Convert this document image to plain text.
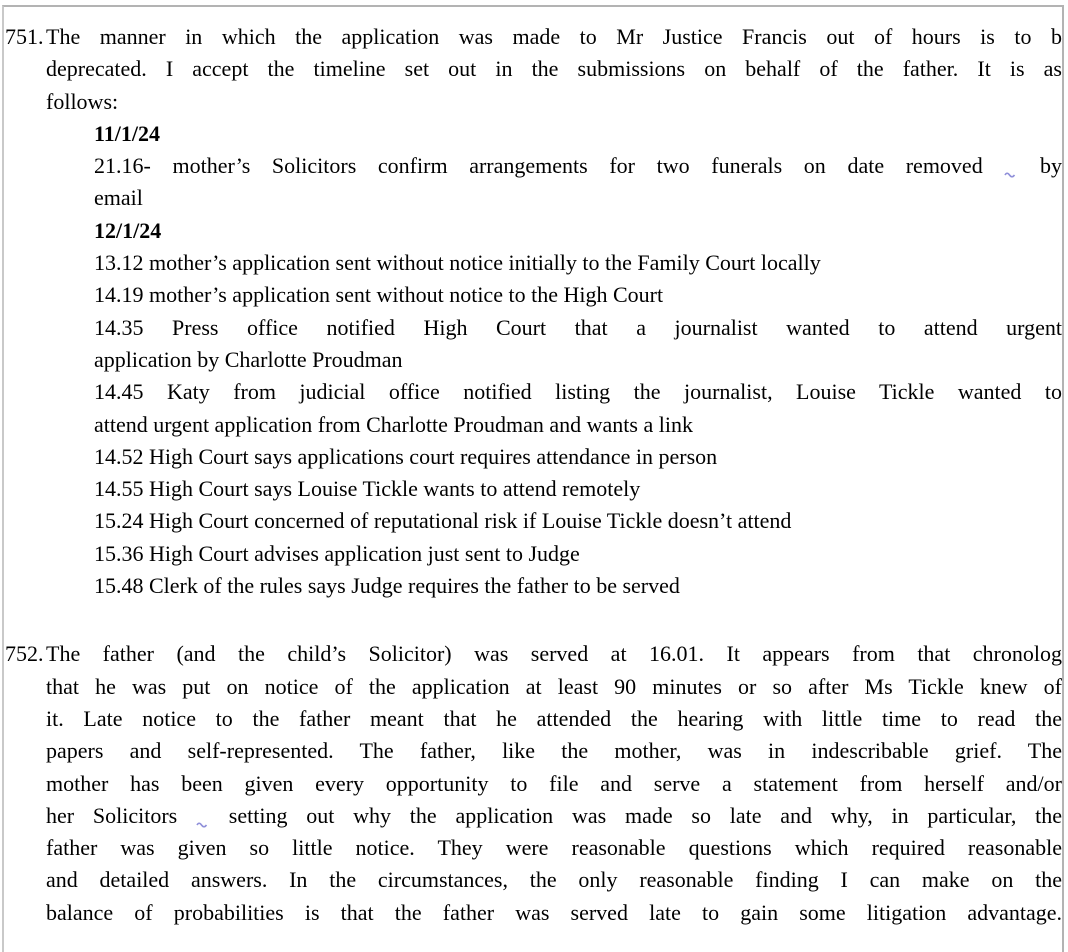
751. The manner in which the application was made to Mr Justice Francis out of hours is to b
deprecated. I accept the timeline set out in the submissions on behalf of the father. It is as
follows:
11/1/24
21.16- mother’s Solicitors confirm arrangements for two funerals on date removed	by
email
12/1/24
13.12 mother’s application sent without notice initially to the Family Court locally
14.19 mother’s application sent without notice to the High Court
14.35 Press office notified High Court that a journalist wanted to attend urgent
application by Charlotte Proudman
14.45 Katy from judicial office notified listing the journalist, Louise Tickle wanted to
attend urgent application from Charlotte Proudman and wants a link
14.52 High Court says applications court requires attendance in person
14.55 High Court says Louise Tickle wants to attend remotely
15.24 High Court concerned of reputational risk if Louise Tickle doesn’t attend
15.36 High Court advises application just sent to Judge
15.48 Clerk of the rules says Judge requires the father to be served
752. The father (and the child’s Solicitor) was served at 16.01. It appears from that chronolog
that he was put on notice of the application at least 90 minutes or so after Ms Tickle knew of
it. Late notice to the father meant that he attended the hearing with little time to read the
papers and self-represented. The father, like the mother, was in indescribable grief. The
mother has been given every opportunity to file and serve a statement from herself and/or
her Solicitors setting out why the application was made so late and why, in particular, the
father was given so little notice. They were reasonable questions which required reasonable
and detailed answers. In the circumstances, the only reasonable finding I can make on the
balance of probabilities is that the father was served late to gain some litigation advantage.
